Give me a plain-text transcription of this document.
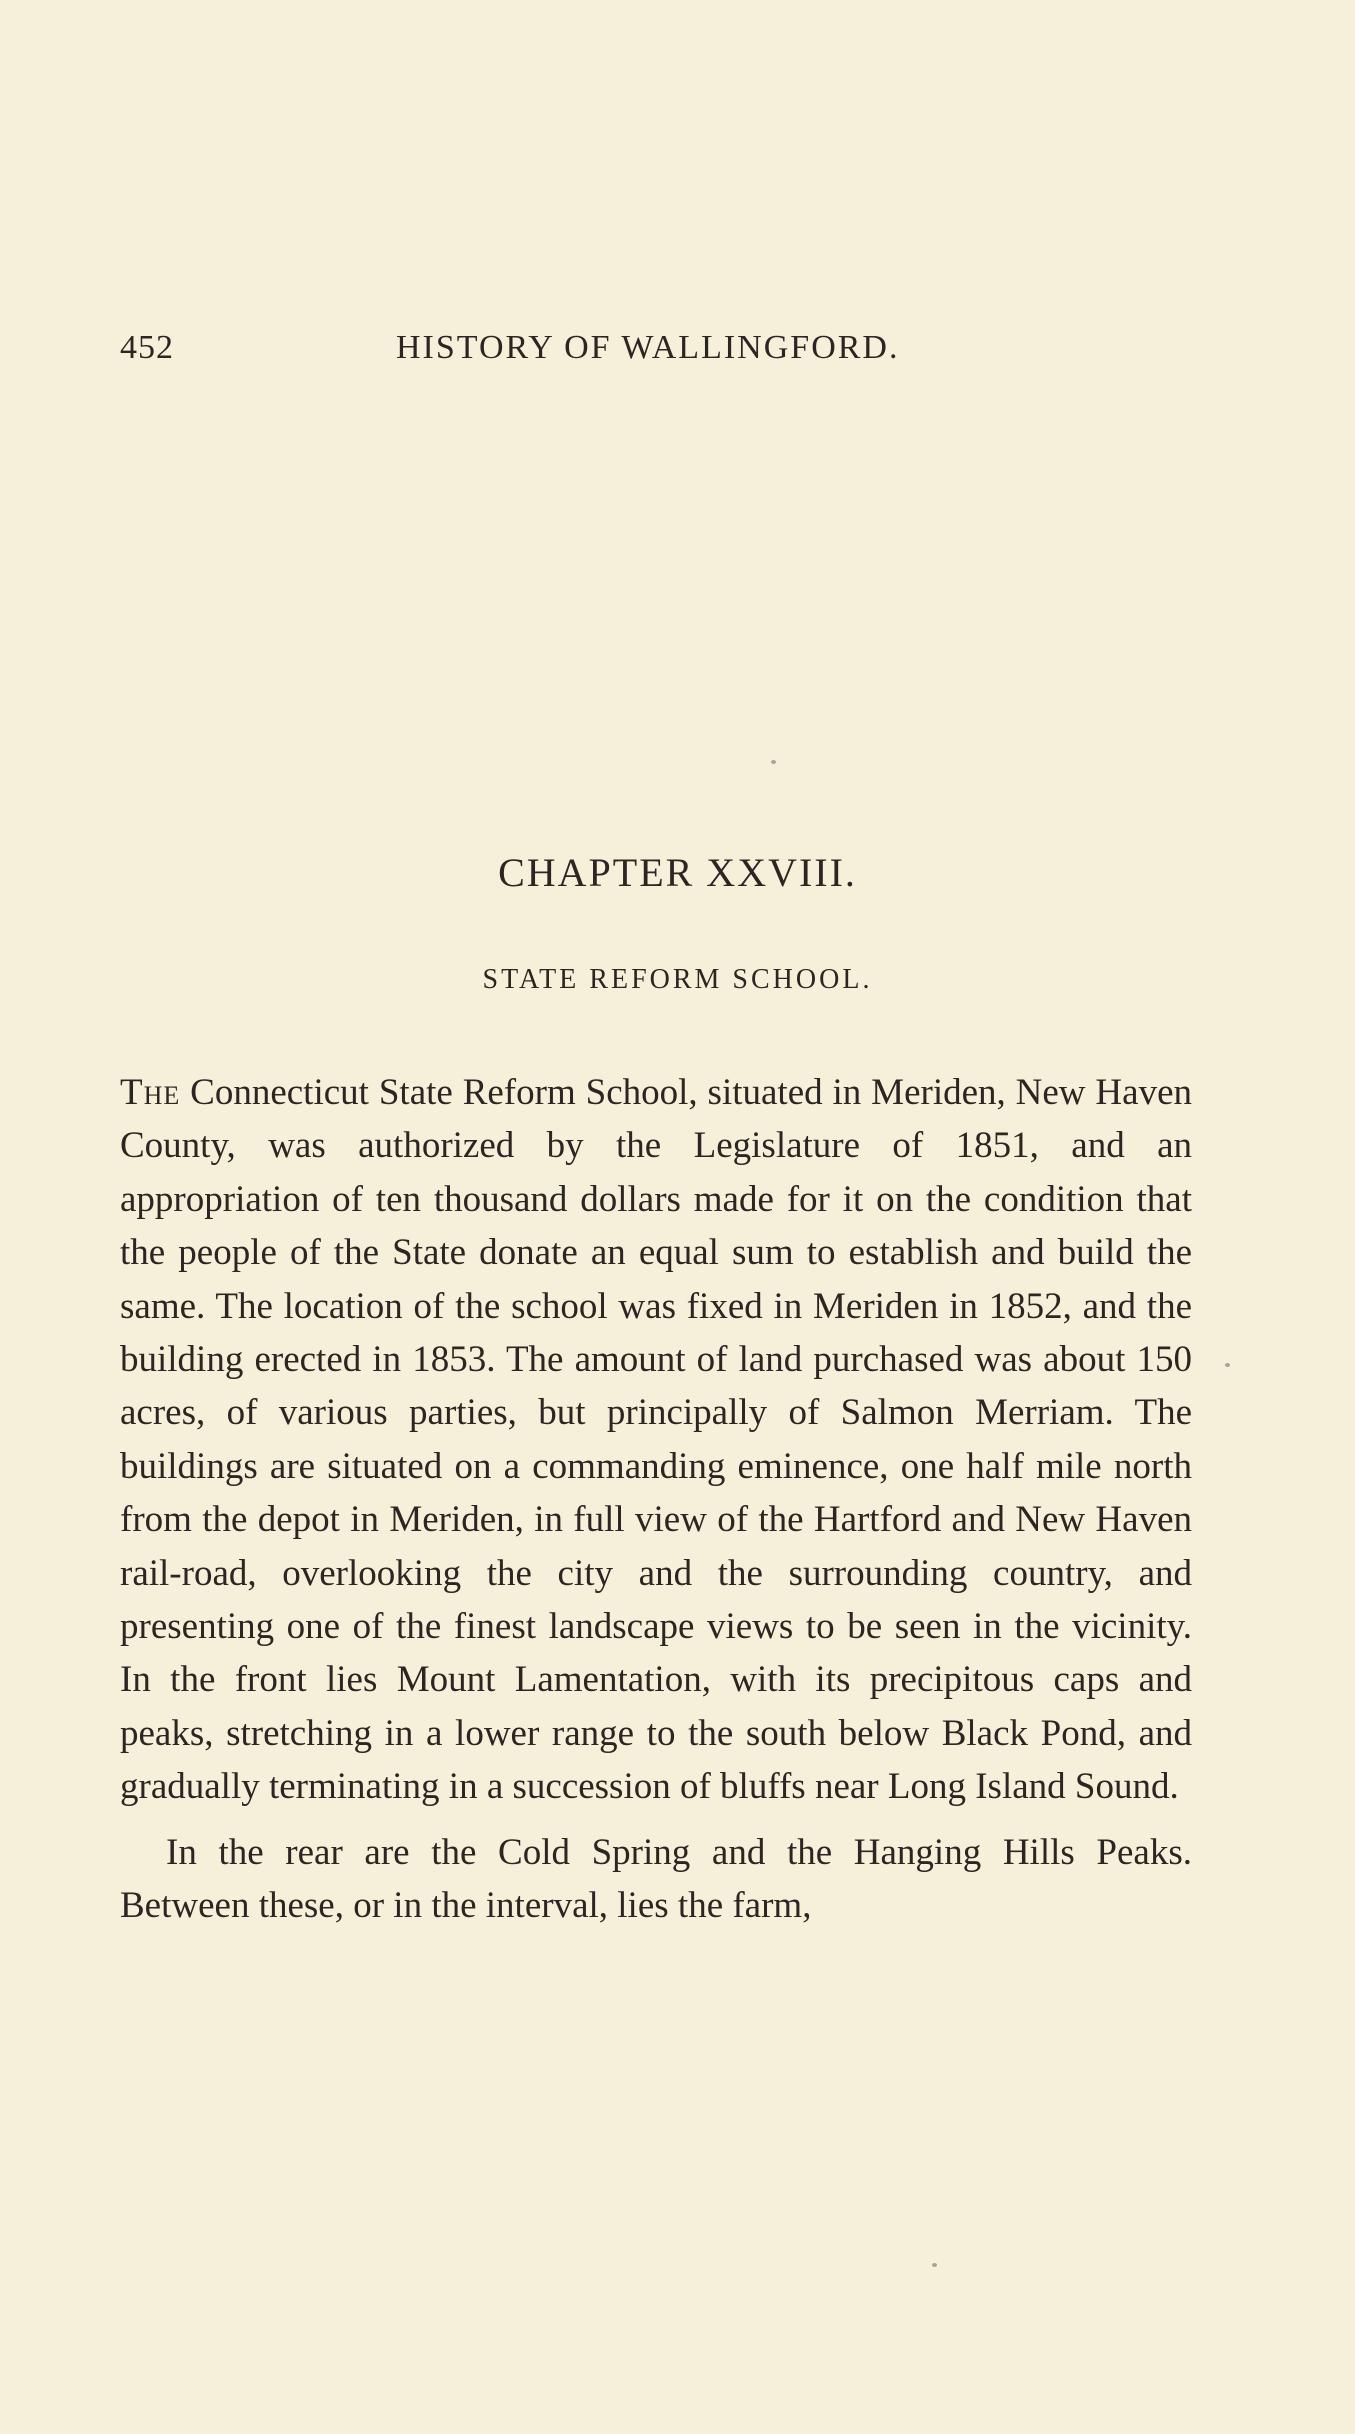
452	HISTORY OF WALLINGFORD.
CHAPTER XXVIII.
STATE REFORM SCHOOL.

The Connecticut State Reform School, situated in Meriden, New Haven County, was authorized by the Legislature of 1851, and an appropriation of ten thousand dollars made for it on the condition that the people of the State donate an equal sum to establish and build the same. The location of the school was fixed in Meriden in 1852, and the building erected in 1853. The amount of land purchased was about 150 acres, of various parties, but principally of Salmon Merriam. The buildings are situated on a commanding eminence, one half mile north from the depot in Meriden, in full view of the Hartford and New Haven rail-road, overlooking the city and the surrounding country, and presenting one of the finest landscape views to be seen in the vicinity. In the front lies Mount Lamentation, with its precipitous caps and peaks, stretching in a lower range to the south below Black Pond, and gradually terminating in a succession of bluffs near Long Island Sound.

In the rear are the Cold Spring and the Hanging Hills Peaks. Between these, or in the interval, lies the farm,
